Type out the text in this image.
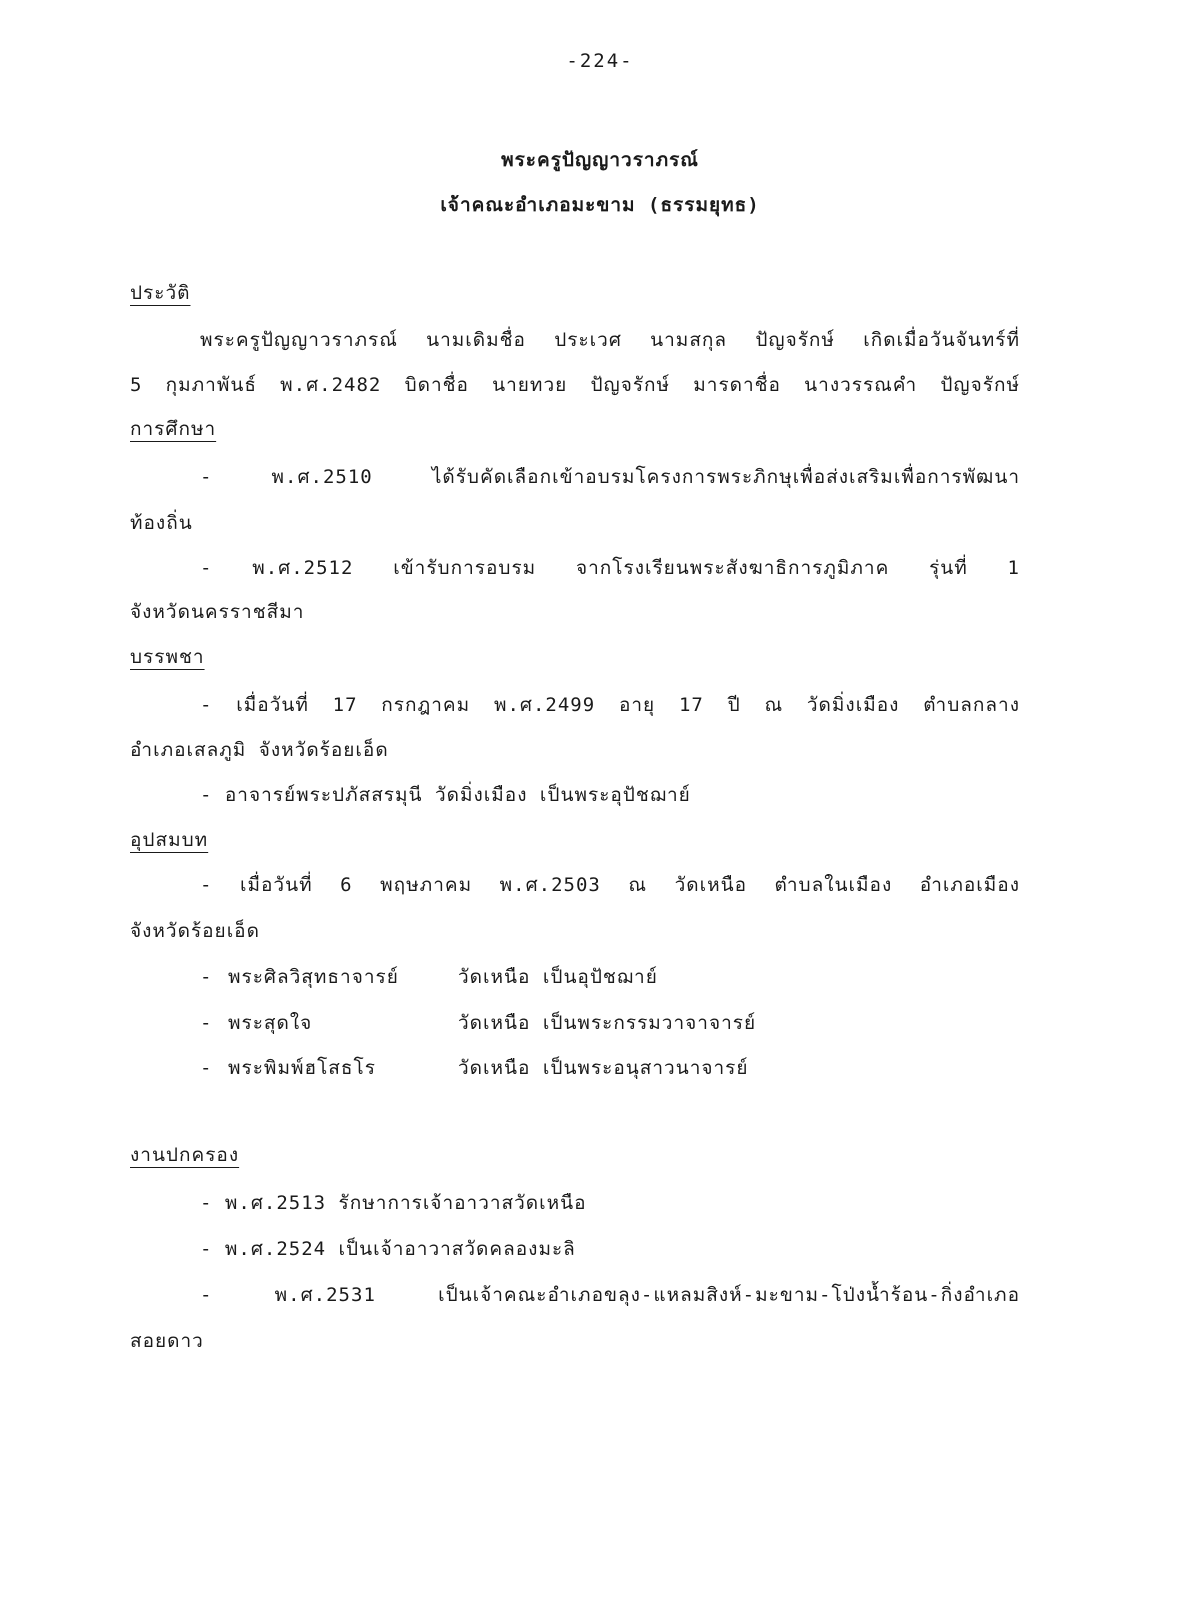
-224-
พระครูปัญญาวราภรณ์
เจ้าคณะอำเภอมะขาม (ธรรมยุทธ)
ประวัติ
พระครูปัญญาวราภรณ์ นามเดิมชื่อ ประเวศ นามสกุล ปัญจรักษ์ เกิดเมื่อวันจันทร์ที่
5 กุมภาพันธ์ พ.ศ.2482 บิดาชื่อ นายทวย ปัญจรักษ์ มารดาชื่อ นางวรรณคำ ปัญจรักษ์
การศึกษา
- พ.ศ.2510 ได้รับคัดเลือกเข้าอบรมโครงการพระภิกษุเพื่อส่งเสริมเพื่อการพัฒนา
ท้องถิ่น
- พ.ศ.2512 เข้ารับการอบรม จากโรงเรียนพระสังฆาธิการภูมิภาค รุ่นที่ 1
จังหวัดนครราชสีมา
บรรพชา
- เมื่อวันที่ 17 กรกฎาคม พ.ศ.2499 อายุ 17 ปี ณ วัดมิ่งเมือง ตำบลกลาง
อำเภอเสลภูมิ จังหวัดร้อยเอ็ด
- อาจารย์พระปภัสสรมุนี วัดมิ่งเมือง เป็นพระอุปัชฌาย์
อุปสมบท
- เมื่อวันที่ 6 พฤษภาคม พ.ศ.2503 ณ วัดเหนือ ตำบลในเมือง อำเภอเมือง
จังหวัดร้อยเอ็ด
- พระศิลวิสุทธาจารย์	วัดเหนือ เป็นอุปัชฌาย์
- พระสุดใจ	วัดเหนือ เป็นพระกรรมวาจาจารย์
- พระพิมพ์ฮโสธโร	วัดเหนือ เป็นพระอนุสาวนาจารย์
งานปกครอง
- พ.ศ.2513 รักษาการเจ้าอาวาสวัดเหนือ
- พ.ศ.2524 เป็นเจ้าอาวาสวัดคลองมะลิ
- พ.ศ.2531 เป็นเจ้าคณะอำเภอขลุง-แหลมสิงห์-มะขาม-โป่งน้ำร้อน-กิ่งอำเภอ
สอยดาว
